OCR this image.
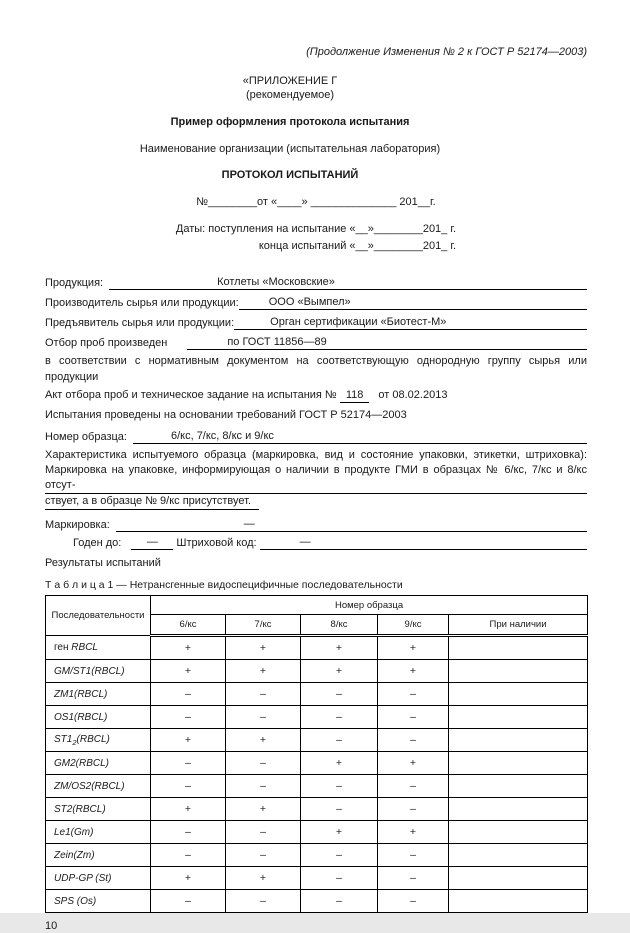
(Продолжение Изменения № 2 к ГОСТ Р 52174—2003)
«ПРИЛОЖЕНИЕ Г
(рекомендуемое)
Пример оформления протокола испытания
Наименование организации (испытательная лаборатория)
ПРОТОКОЛ ИСПЫТАНИЙ
№________от «____» ______________ 201__г.
Даты: поступления на испытание «__»________201_ г.
конца испытаний «__»________201_ г.
Продукция:	Котлеты «Московские»
Производитель сырья или продукции:	ООО «Вымпел»
Предъявитель сырья или продукции:	Орган сертификации «Биотест-М»
Отбор проб произведен	по ГОСТ 11856—89
в соответствии с нормативным документом на соответствующую однородную группу сырья или продукции
Акт отбора проб и техническое задание на испытания № 118 от 08.02.2013
Испытания проведены на основании требований ГОСТ Р 52174—2003
Номер образца:	6/кс, 7/кс, 8/кс и 9/кс
Характеристика испытуемого образца (маркировка, вид и состояние упаковки, этикетки, штриховка):
Маркировка на упаковке, информирующая о наличии в продукте ГМИ в образцах № 6/кс, 7/кс и 8/кс отсут-
ствует, а в образце № 9/кс присутствует.
Маркировка:	—
Годен до: — Штриховой код:	—
Результаты испытаний
Т а б л и ц а 1 — Нетрансгенные видоспецифичные последовательности
Последовательности	Номер образца				
	6/кс	7/кс	8/кс	9/кс	При наличии
ген RBCL	+	+	+	+	
GM/ST1(RBCL)	+	+	+	+	
ZM1(RBCL)	–	–	–	–	
OS1(RBCL)	–	–	–	–	
$ST1_2(RBCL)$	+	+	–	–	
GM2(RBCL)	–	–	+	+	
ZM/OS2(RBCL)	–	–	–	–	
ST2(RBCL)	+	+	–	–	
Le1(Gm)	–	–	+	+	
Zein(Zm)	–	–	–	–	
UDP-GP (St)	+	+	–	–	
SPS (Os)	–	–	–	–	
10
